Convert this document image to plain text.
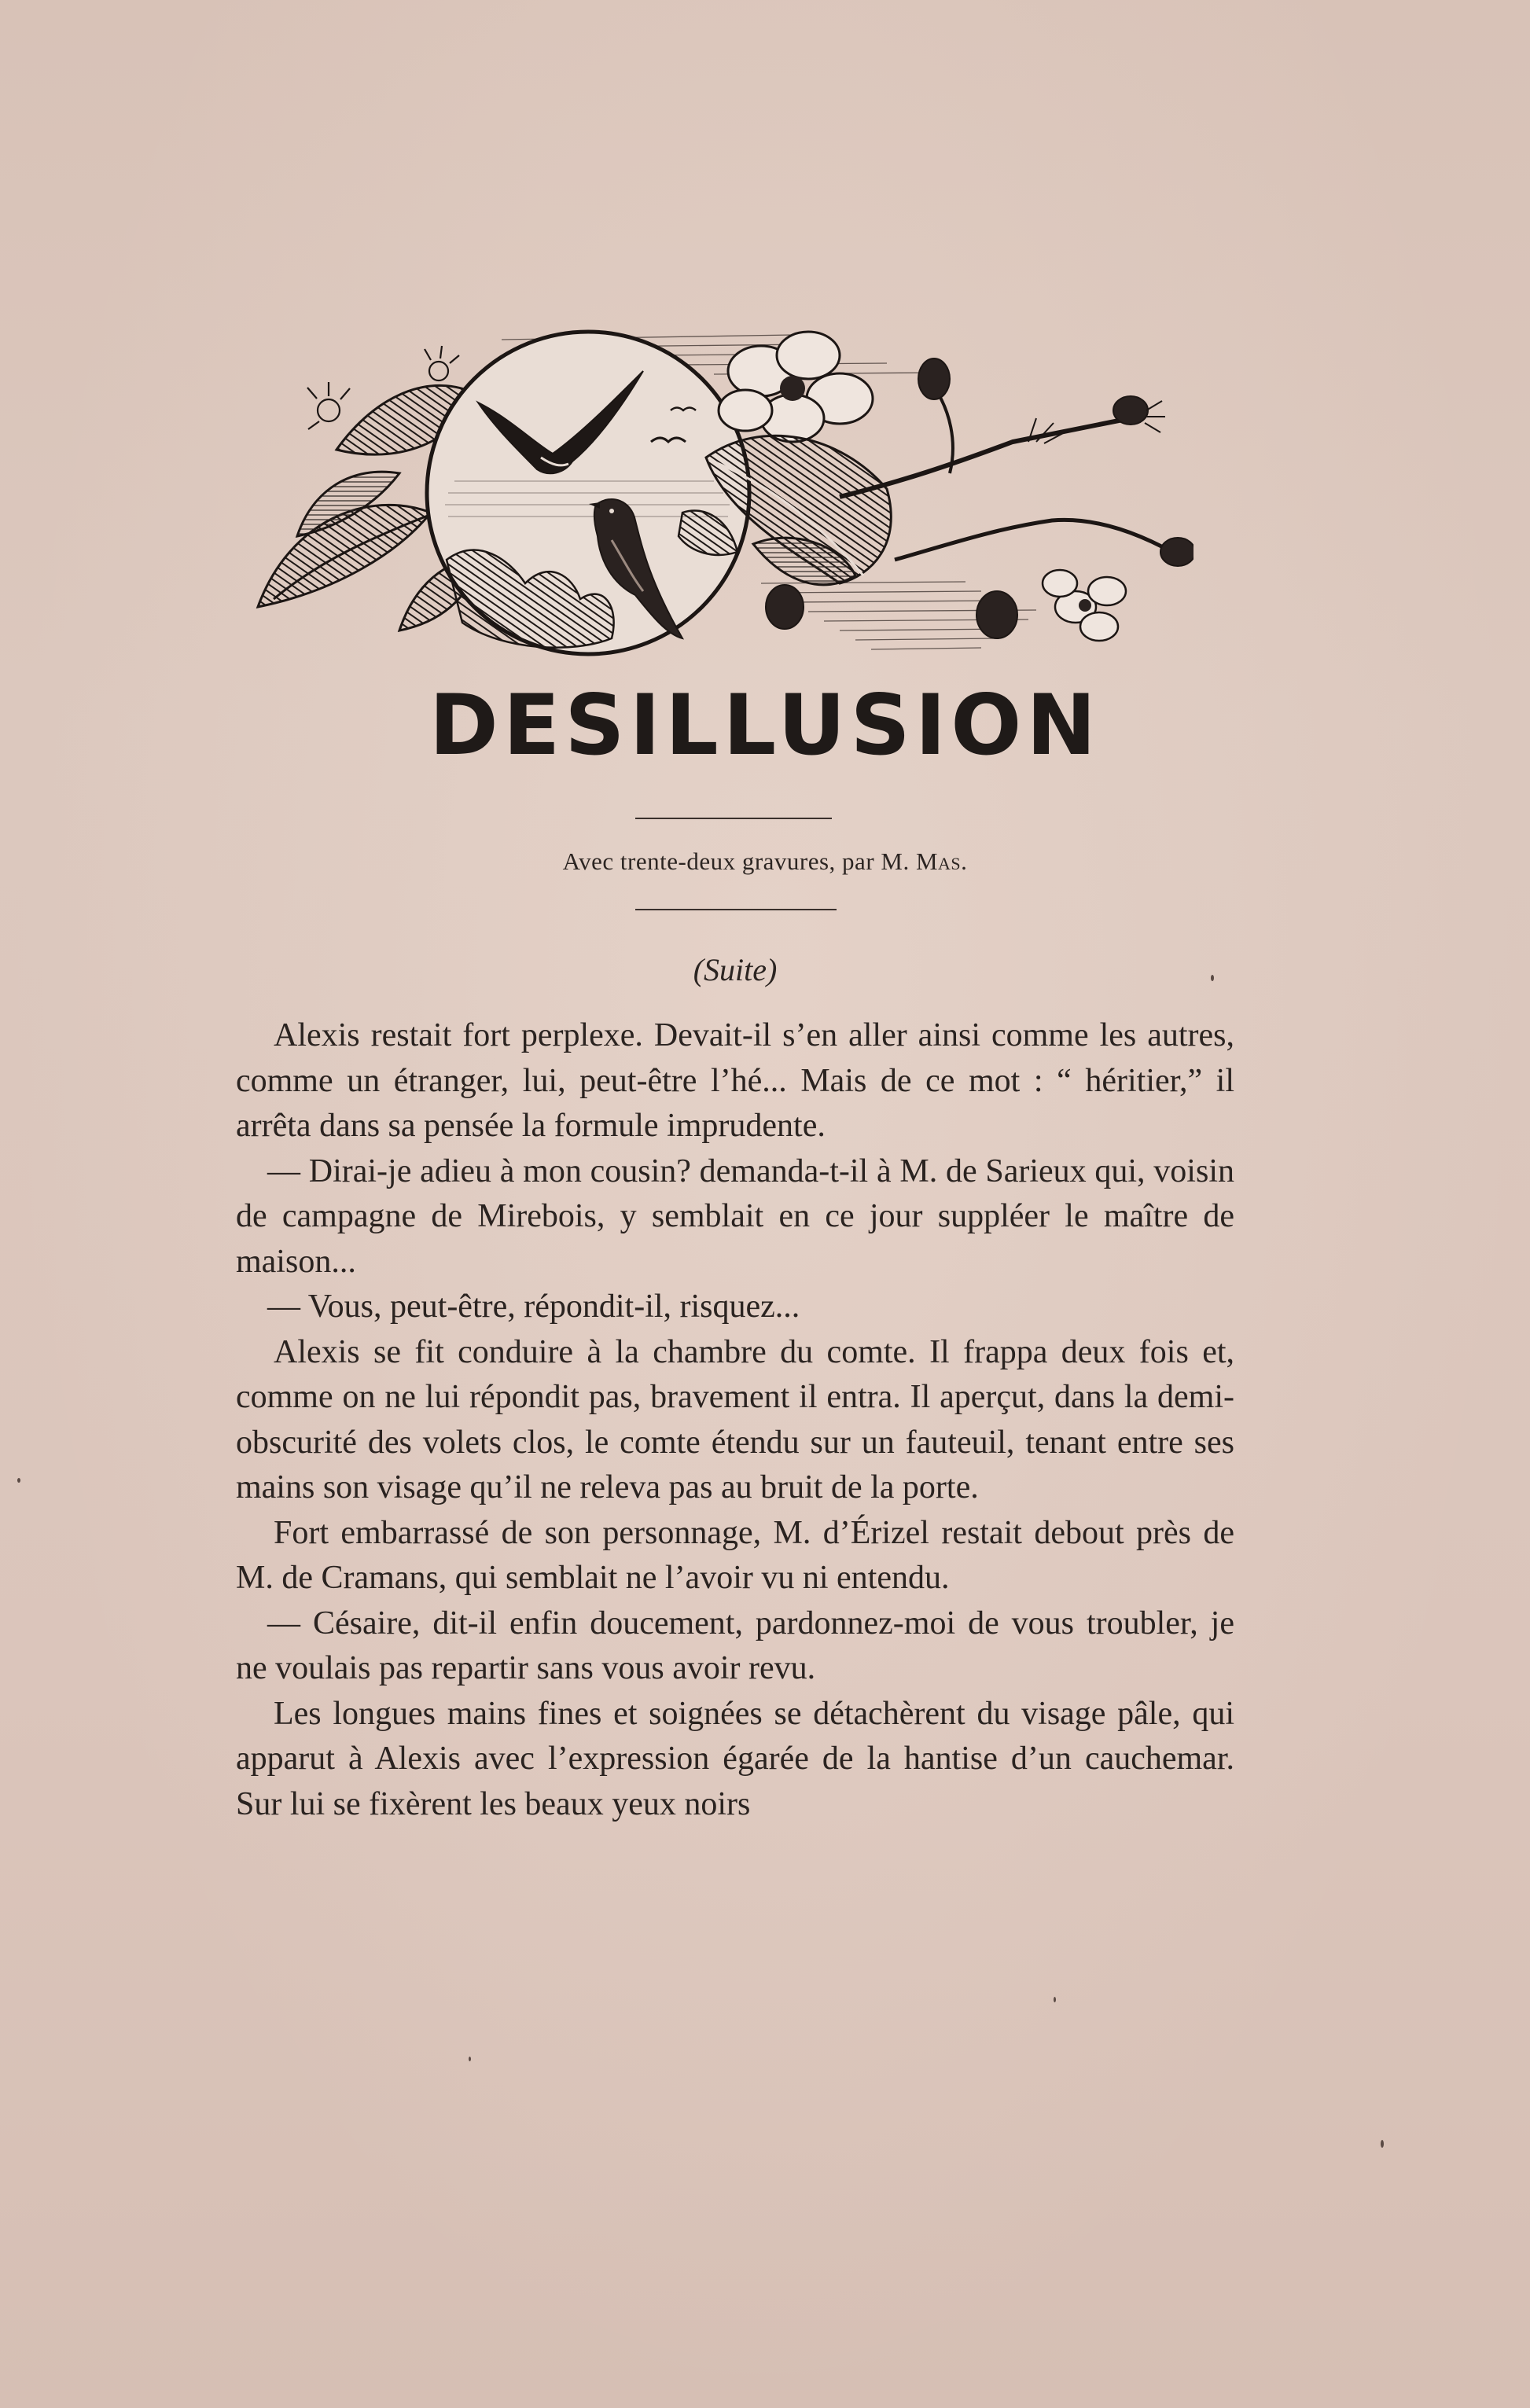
DESILLUSION
Avec trente-deux gravures, par M. Mas.
(Suite)

Alexis restait fort perplexe. Devait-il s’en aller ainsi comme les autres, comme un étranger, lui, peut-être l’hé... Mais de ce mot : “ héritier,” il arrêta dans sa pensée la formule imprudente.

— Dirai-je adieu à mon cousin? demanda-t-il à M. de Sarieux qui, voisin de campagne de Mirebois, y semblait en ce jour suppléer le maître de maison...

— Vous, peut-être, répondit-il, risquez...

Alexis se fit conduire à la chambre du comte. Il frappa deux fois et, comme on ne lui répondit pas, bravement il entra. Il aperçut, dans la demi-obscurité des volets clos, le comte étendu sur un fauteuil, tenant entre ses mains son visage qu’il ne releva pas au bruit de la porte.

Fort embarrassé de son personnage, M. d’Érizel restait debout près de M. de Cramans, qui semblait ne l’avoir vu ni entendu.

— Césaire, dit-il enfin doucement, pardonnez-moi de vous troubler, je ne voulais pas repartir sans vous avoir revu.

Les longues mains fines et soignées se détachèrent du visage pâle, qui apparut à Alexis avec l’expression égarée de la hantise d’un cauchemar. Sur lui se fixèrent les beaux yeux noirs
